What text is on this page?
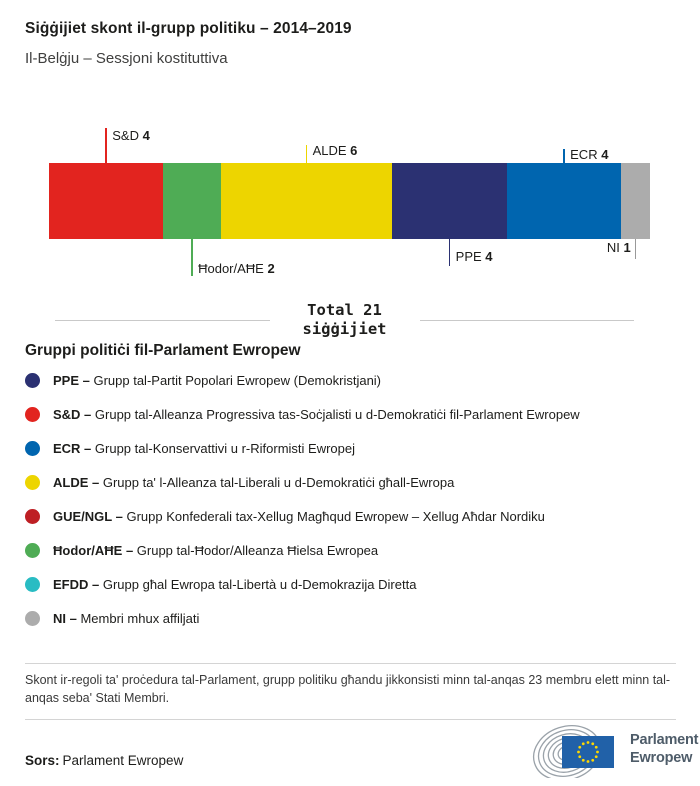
Siġġijiet skont il-grupp politiku – 2014–2019
Il-Belġju – Sessjoni kostituttiva
S&D 4
Ħodor/AĦE 2
ALDE 6
PPE 4
ECR 4
NI 1
Total 21
siġġijiet
Gruppi politiċi fil-Parlament Ewropew
PPE – Grupp tal-Partit Popolari Ewropew (Demokristjani)
S&D – Grupp tal-Alleanza Progressiva tas-Soċjalisti u d-Demokratiċi fil-Parlament Ewropew
ECR – Grupp tal-Konservattivi u r-Riformisti Ewropej
ALDE – Grupp ta' l-Alleanza tal-Liberali u d-Demokratiċi għall-Ewropa
GUE/NGL – Grupp Konfederali tax-Xellug Magħqud Ewropew – Xellug Aħdar Nordiku
Ħodor/AĦE – Grupp tal-Ħodor/Alleanza Ħielsa Ewropea
EFDD – Grupp għal Ewropa tal-Libertà u d-Demokrazija Diretta
NI – Membri mhux affiljati
Skont ir-regoli ta' proċedura tal-Parlament, grupp politiku għandu jikkonsisti minn tal-anqas 23 membru elett minn tal-anqas seba' Stati Membri.
Sors: Parlament Ewropew
Parlament
Ewropew
